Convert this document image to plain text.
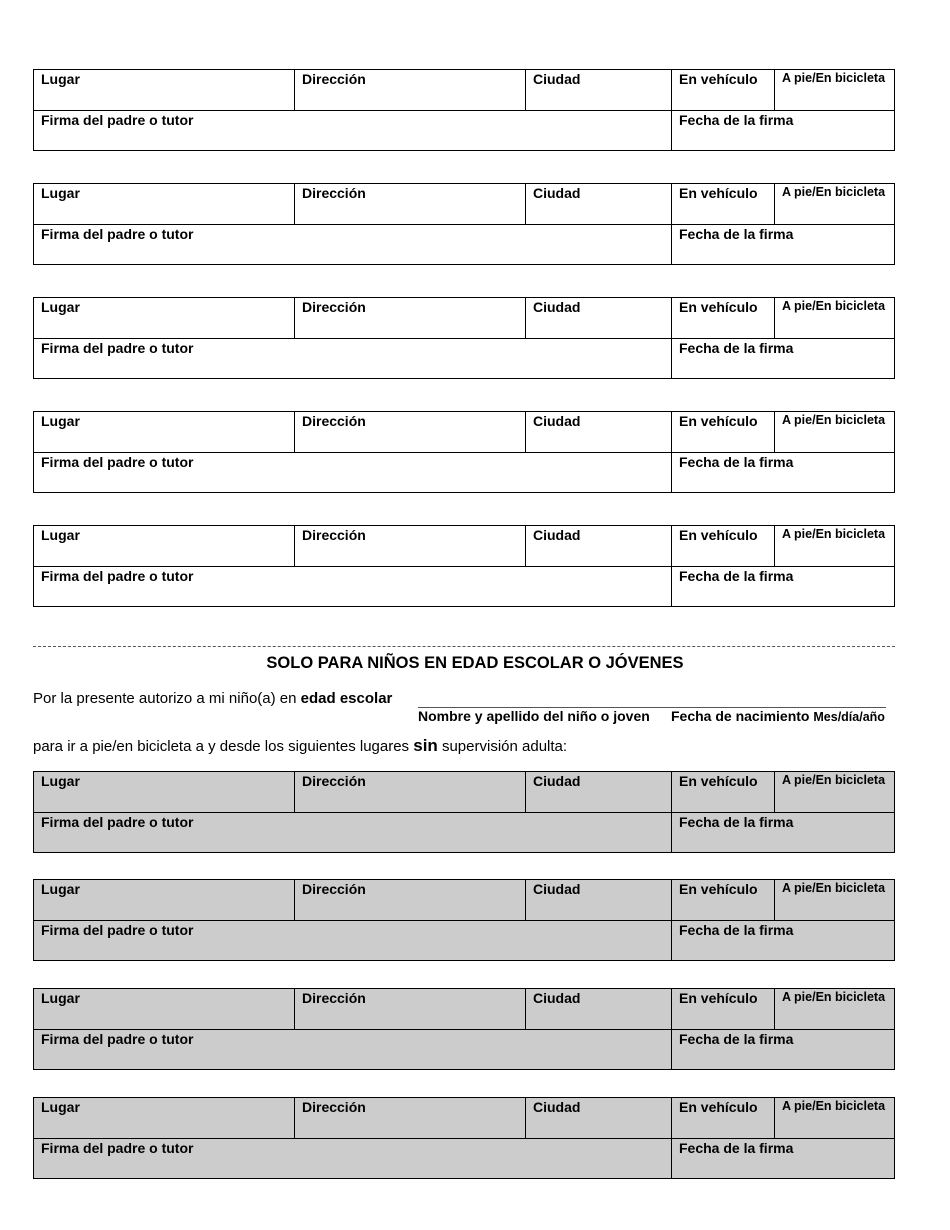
Lugar	Dirección	Ciudad	En vehículo	A pie/En bicicleta
Firma del padre o tutor	Fecha de la firma
Lugar	Dirección	Ciudad	En vehículo	A pie/En bicicleta
Firma del padre o tutor	Fecha de la firma
Lugar	Dirección	Ciudad	En vehículo	A pie/En bicicleta
Firma del padre o tutor	Fecha de la firma
Lugar	Dirección	Ciudad	En vehículo	A pie/En bicicleta
Firma del padre o tutor	Fecha de la firma
Lugar	Dirección	Ciudad	En vehículo	A pie/En bicicleta
Firma del padre o tutor	Fecha de la firma
SOLO PARA NIÑOS EN EDAD ESCOLAR O JÓVENES
Por la presente autorizo a mi niño(a) en edad escolar
Nombre y apellido del niño o joven Fecha de nacimiento Mes/día/año
para ir a pie/en bicicleta a y desde los siguientes lugares sin supervisión adulta:
Lugar	Dirección	Ciudad	En vehículo	A pie/En bicicleta
Firma del padre o tutor	Fecha de la firma
Lugar	Dirección	Ciudad	En vehículo	A pie/En bicicleta
Firma del padre o tutor	Fecha de la firma
Lugar	Dirección	Ciudad	En vehículo	A pie/En bicicleta
Firma del padre o tutor	Fecha de la firma
Lugar	Dirección	Ciudad	En vehículo	A pie/En bicicleta
Firma del padre o tutor	Fecha de la firma
